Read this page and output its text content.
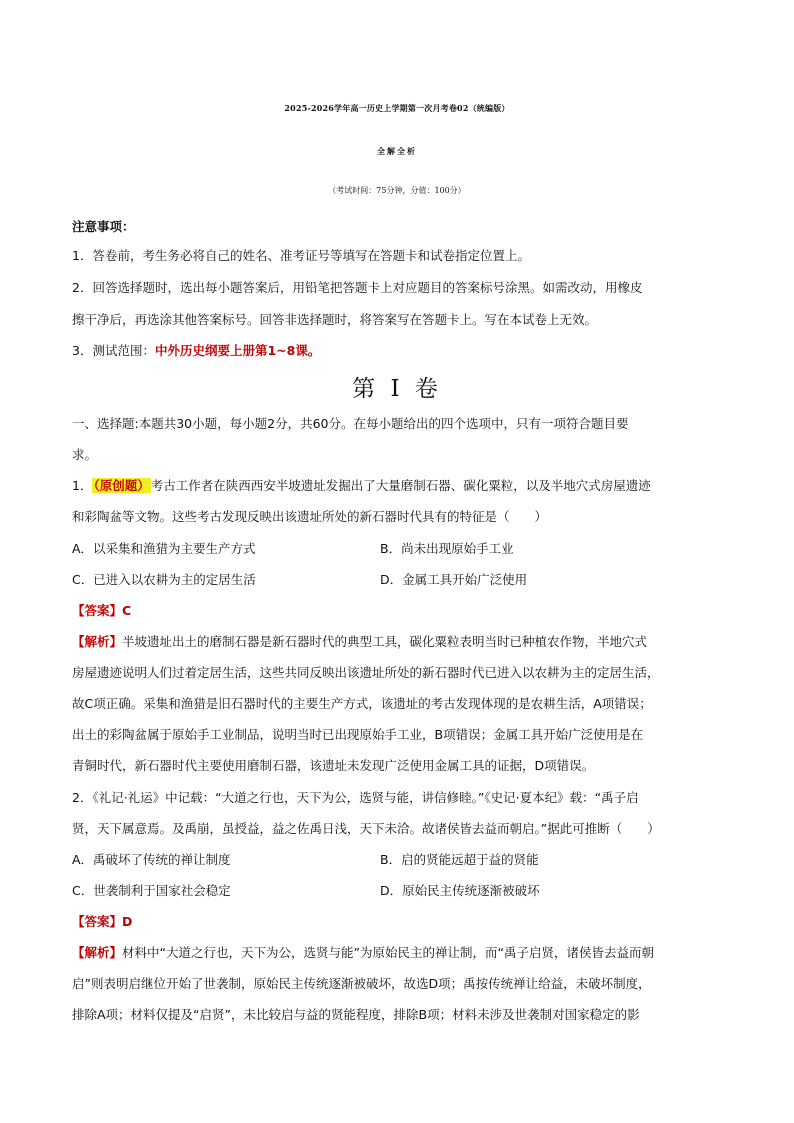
2025-2026学年高一历史上学期第一次月考卷02（统编版）
全解全析
（考试时间：75分钟，分值：100分）
注意事项：
1．答卷前，考生务必将自己的姓名、准考证号等填写在答题卡和试卷指定位置上。
2．回答选择题时，选出每小题答案后，用铅笔把答题卡上对应题目的答案标号涂黑。如需改动，用橡皮
擦干净后，再选涂其他答案标号。回答非选择题时，将答案写在答题卡上。写在本试卷上无效。
3．测试范围：中外历史纲要上册第1~8课。
第 I 卷
一、选择题:本题共30小题，每小题2分，共60分。在每小题给出的四个选项中，只有一项符合题目要
求。
1．（原创题）考古工作者在陕西西安半坡遗址发掘出了大量磨制石器、碳化粟粒，以及半地穴式房屋遗迹
和彩陶盆等文物。这些考古发现反映出该遗址所处的新石器时代具有的特征是（　　）
A．以采集和渔猎为主要生产方式	B．尚未出现原始手工业
C．已进入以农耕为主的定居生活	D．金属工具开始广泛使用
【答案】C
【解析】半坡遗址出土的磨制石器是新石器时代的典型工具，碳化粟粒表明当时已种植农作物，半地穴式
房屋遗迹说明人们过着定居生活，这些共同反映出该遗址所处的新石器时代已进入以农耕为主的定居生活，
故C项正确。采集和渔猎是旧石器时代的主要生产方式，该遗址的考古发现体现的是农耕生活，A项错误；
出土的彩陶盆属于原始手工业制品，说明当时已出现原始手工业，B项错误；金属工具开始广泛使用是在
青铜时代，新石器时代主要使用磨制石器，该遗址未发现广泛使用金属工具的证据，D项错误。
2．《礼记·礼运》中记载：“大道之行也，天下为公，选贤与能，讲信修睦。”《史记·夏本纪》载：“禹子启
贤，天下属意焉。及禹崩，虽授益，益之佐禹日浅，天下未洽。故诸侯皆去益而朝启。”据此可推断（　　）
A．禹破坏了传统的禅让制度	B．启的贤能远超于益的贤能
C．世袭制利于国家社会稳定	D．原始民主传统逐渐被破坏
【答案】D
【解析】材料中“大道之行也，天下为公，选贤与能”为原始民主的禅让制，而“禹子启贤，诸侯皆去益而朝
启”则表明启继位开始了世袭制，原始民主传统逐渐被破坏，故选D项；禹按传统禅让给益，未破坏制度，
排除A项；材料仅提及“启贤”，未比较启与益的贤能程度，排除B项；材料未涉及世袭制对国家稳定的影
